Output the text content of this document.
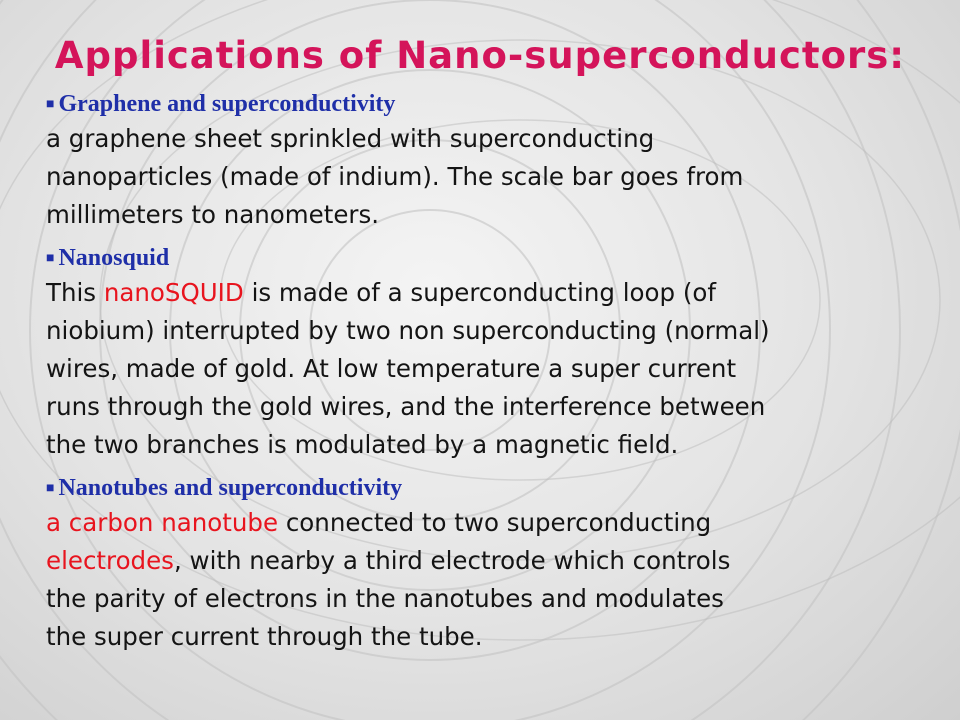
Applications of Nano-superconductors:
■ Graphene and superconductivity
a graphene sheet sprinkled with superconducting
nanoparticles (made of indium). The scale bar goes from
millimeters to nanometers.
■ Nanosquid
This nanoSQUID is made of a superconducting loop (of
niobium) interrupted by two non superconducting (normal)
wires, made of gold. At low temperature a super current
runs through the gold wires, and the interference between
the two branches is modulated by a magnetic field.
■ Nanotubes and superconductivity
a carbon nanotube connected to two superconducting
electrodes, with nearby a third electrode which controls
the parity of electrons in the nanotubes and modulates
the super current through the tube.
